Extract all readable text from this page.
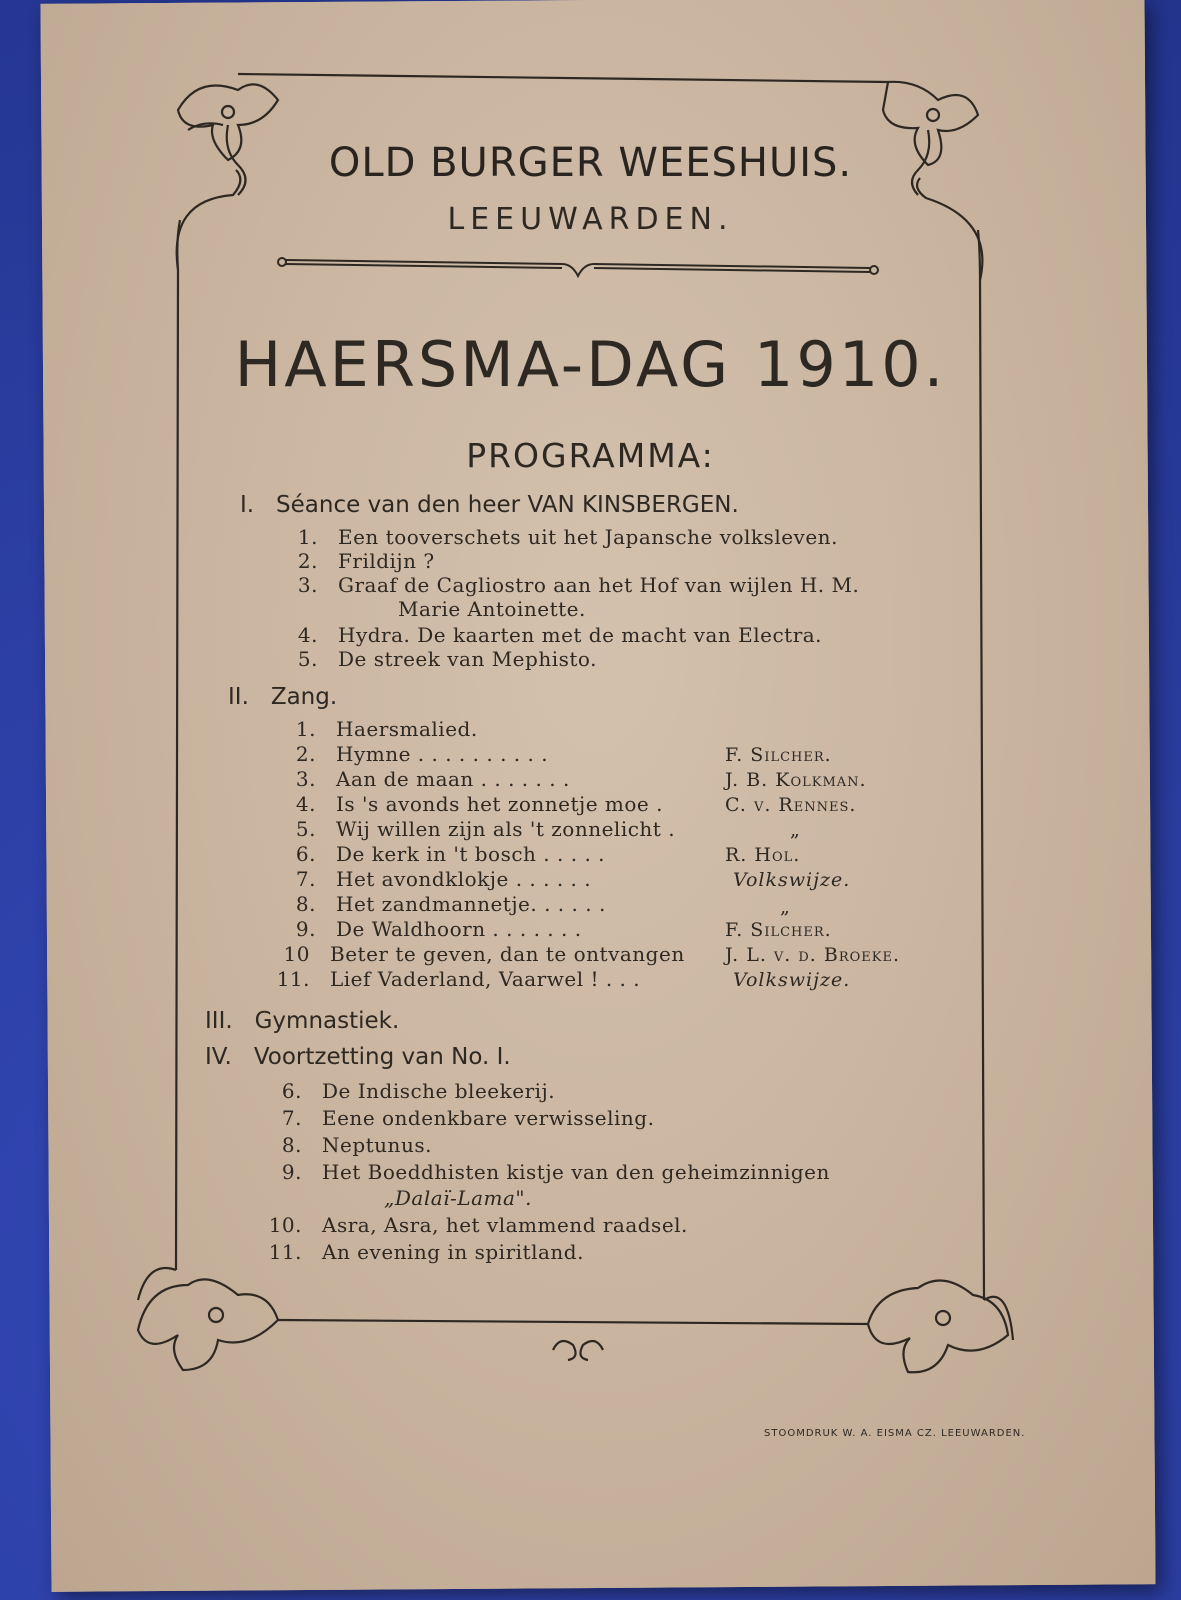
OLD BURGER WEESHUIS.
LEEUWARDEN.
HAERSMA-DAG 1910.
PROGRAMMA:
I. Séance van den heer VAN KINSBERGEN.
1. Een tooverschets uit het Japansche volksleven.
2. Frildijn ?
3. Graaf de Cagliostro aan het Hof van wijlen H. M.
Marie Antoinette.
4. Hydra. De kaarten met de macht van Electra.
5. De streek van Mephisto.
II. Zang.
1. Haersmalied.
2. Hymne . . . . . . . . . .	F. Silcher.
3. Aan de maan . . . . . . .	J. B. Kolkman.
4. Is 's avonds het zonnetje moe .	C. v. Rennes.
5. Wij willen zijn als 't zonnelicht .	„
6. De kerk in 't bosch . . . . .	R. Hol.
7. Het avondklokje . . . . . .	Volkswijze.
8. Het zandmannetje. . . . . .	„
9. De Waldhoorn . . . . . . .	F. Silcher.
10 Beter te geven, dan te ontvangen J. L. v. d. Broeke.
11. Lief Vaderland, Vaarwel ! . . .	Volkswijze.
III. Gymnastiek.
IV. Voortzetting van No. I.
6. De Indische bleekerij.
7. Eene ondenkbare verwisseling.
8. Neptunus.
9. Het Boeddhisten kistje van den geheimzinnigen
„Dalaï-Lama".
10. Asra, Asra, het vlammend raadsel.
11. An evening in spiritland.
STOOMDRUK W. A. EISMA CZ. LEEUWARDEN.
